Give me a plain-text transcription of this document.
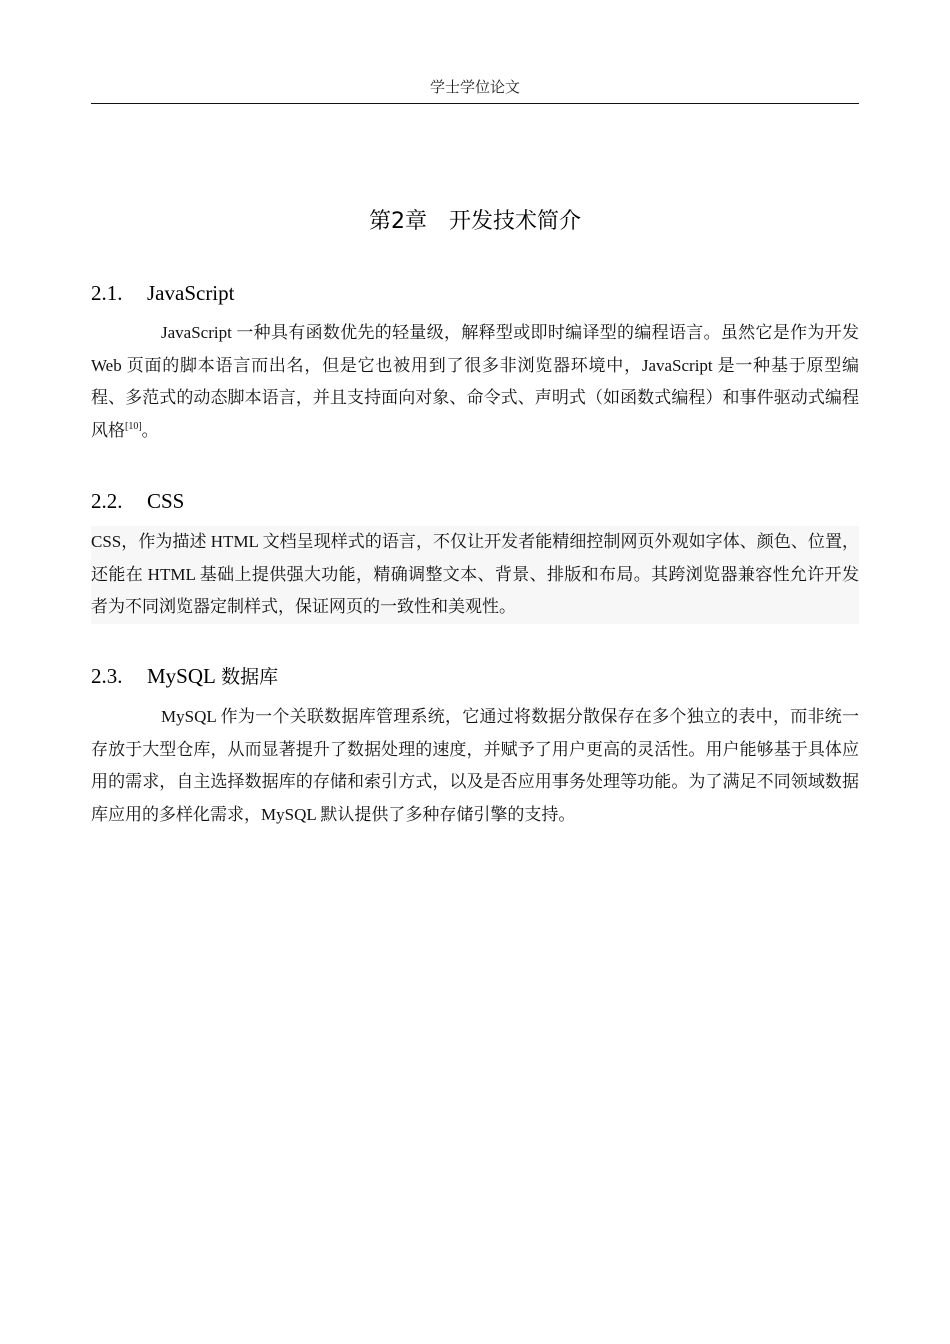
学士学位论文
第2章 开发技术简介
2.1. JavaScript

JavaScript 一种具有函数优先的轻量级，解释型或即时编译型的编程语言。虽然它是作为开发 Web 页面的脚本语言而出名，但是它也被用到了很多非浏览器环境中，JavaScript 是一种基于原型编程、多范式的动态脚本语言，并且支持面向对象、命令式、声明式（如函数式编程）和事件驱动式编程风格[10]。

2.2. CSS

CSS，作为描述 HTML 文档呈现样式的语言，不仅让开发者能精细控制网页外观如字体、颜色、位置，还能在 HTML 基础上提供强大功能，精确调整文本、背景、排版和布局。其跨浏览器兼容性允许开发者为不同浏览器定制样式，保证网页的一致性和美观性。

2.3. MySQL 数据库

MySQL 作为一个关联数据库管理系统，它通过将数据分散保存在多个独立的表中，而非统一存放于大型仓库，从而显著提升了数据处理的速度，并赋予了用户更高的灵活性。用户能够基于具体应用的需求，自主选择数据库的存储和索引方式，以及是否应用事务处理等功能。为了满足不同领域数据库应用的多样化需求，MySQL 默认提供了多种存储引擎的支持。
